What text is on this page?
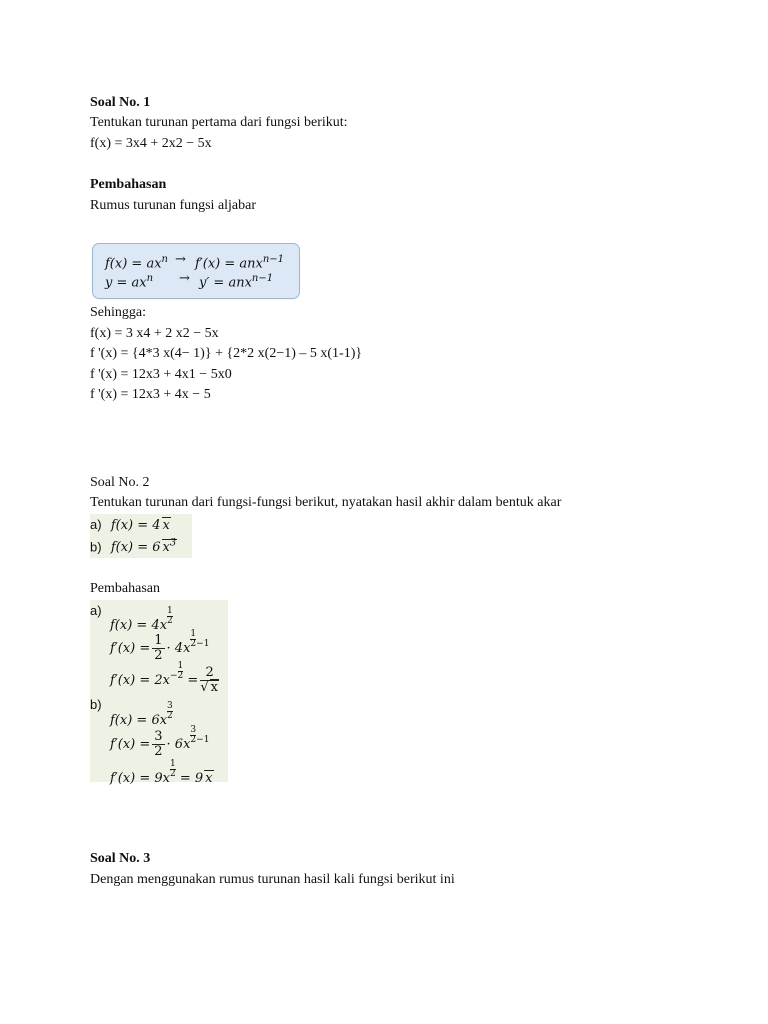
Soal No. 1
Tentukan turunan pertama dari fungsi berikut:
f(x) = 3x4 + 2x2 − 5x
Pembahasan
Rumus turunan fungsi aljabar
$f(x) = ax^n \to f'(x) = anx^{n-1}$
$y = ax^n \to y' = anx^{n-1}$
Sehingga:
f(x) = 3 x4 + 2 x2 − 5x
f '(x) = {4*3 x(4− 1)} + {2*2 x(2−1) – 5 x(1-1)}
f '(x) = 12x3 + 4x1 − 5x0
f '(x) = 12x3 + 4x − 5
Soal No. 2
Tentukan turunan dari fungsi-fungsi berikut, nyatakan hasil akhir dalam bentuk akar
a) f(x) = 4 x
b) f(x) = 6 $x^3$
Pembahasan
a)
$f(x) = 4x \frac{1}{2}$
$f'(x) = \frac{1}{2} \cdot 4x \frac{1}{2} ^{-1}$
$f'(x) = 2x^- \frac{1}{2} = \frac{2}{√ x}$
b)
$f(x) = 6x \frac{3}{2}$
$f'(x) = \frac{3}{2} \cdot 6x \frac{3}{2} ^{-1}$
$f'(x) = 9x \frac{1}{2} = 9$ x
Soal No. 3
Dengan menggunakan rumus turunan hasil kali fungsi berikut ini
